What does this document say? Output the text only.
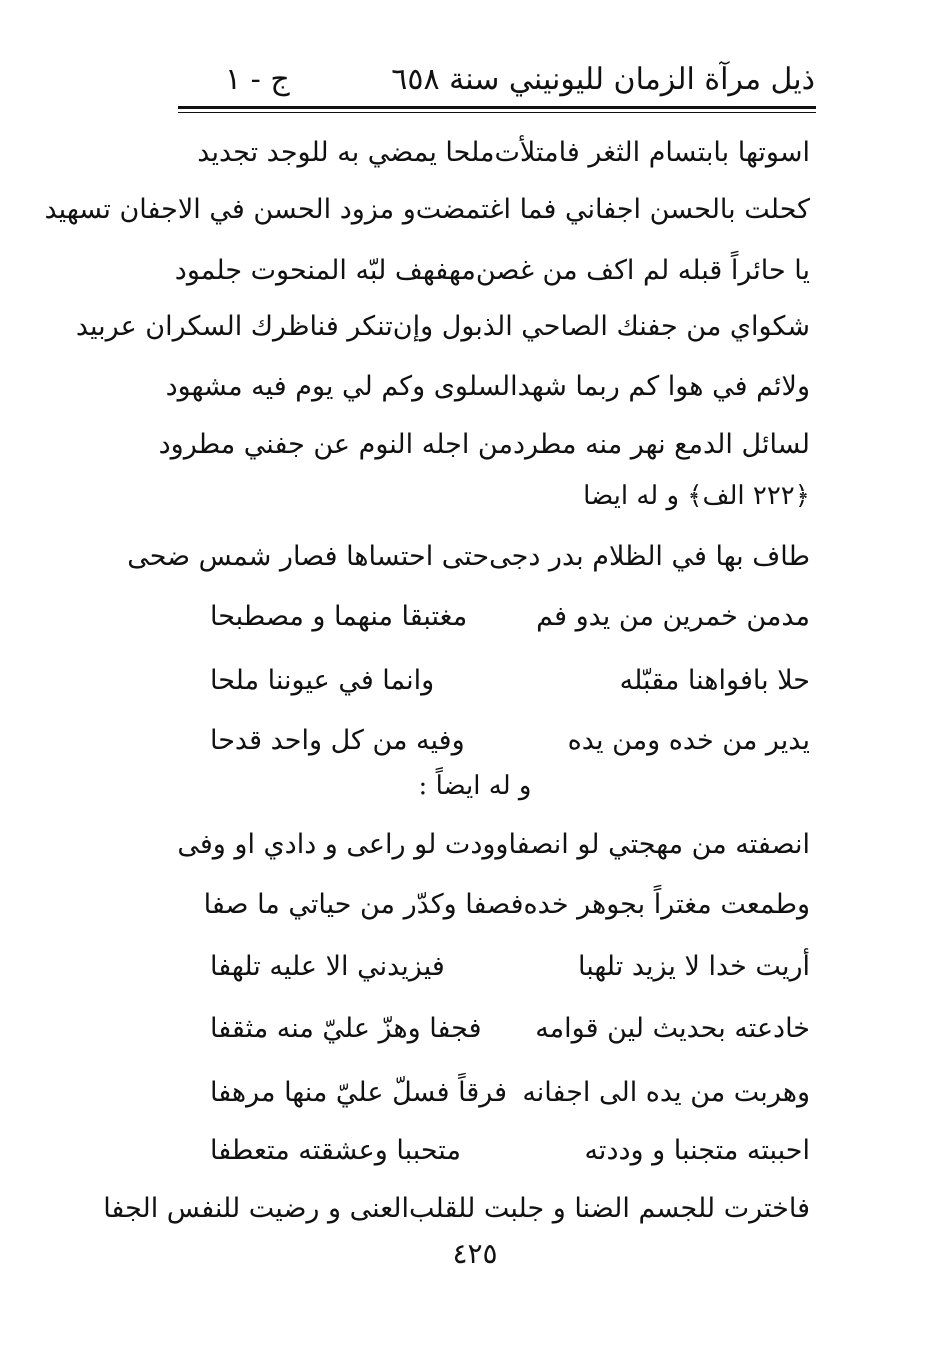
ذيل مرآة الزمان لليونيني سنة ٦٥٨
ج - ١
اسوتها بابتسام الثغر فامتلأت
ملحا يمضي به للوجد تجديد
كحلت بالحسن اجفاني فما اغتمضت
و مزود الحسن في الاجفان تسهيد
يا حائراً قبله لم اكف من غصن
مهفهف لبّه المنحوت جلمود
شكواي من جفنك الصاحي الذبول وإن
تنكر فناظرك السكران عربيد
ولائم في هوا كم ربما شهد
السلوى وكم لي يوم فيه مشهود
لسائل الدمع نهر منه مطرد
من اجله النوم عن جفني مطرود
﴿٢٢٢ الف﴾ و له ايضا
طاف بها في الظلام بدر دجى
حتى احتساها فصار شمس ضحى
مدمن خمرين من يدو فم
مغتبقا منهما و مصطبحا
حلا بافواهنا مقبّله
وانما في عيوننا ملحا
يدير من خده ومن يده
وفيه من كل واحد قدحا
و له ايضاً :
انصفته من مهجتي لو انصفا
وودت لو راعى و دادي او وفى
وطمعت مغتراً بجوهر خده
فصفا وكدّر من حياتي ما صفا
أريت خدا لا يزيد تلهبا
فيزيدني الا عليه تلهفا
خادعته بحديث لين قوامه
فجفا وهزّ عليّ منه مثقفا
وهربت من يده الى اجفانه
فرقاً فسلّ عليّ منها مرهفا
احببته متجنبا و وددته
متحببا وعشقته متعطفا
فاخترت للجسم الضنا و جلبت للقلب
العنى و رضيت للنفس الجفا
٤٢٥
